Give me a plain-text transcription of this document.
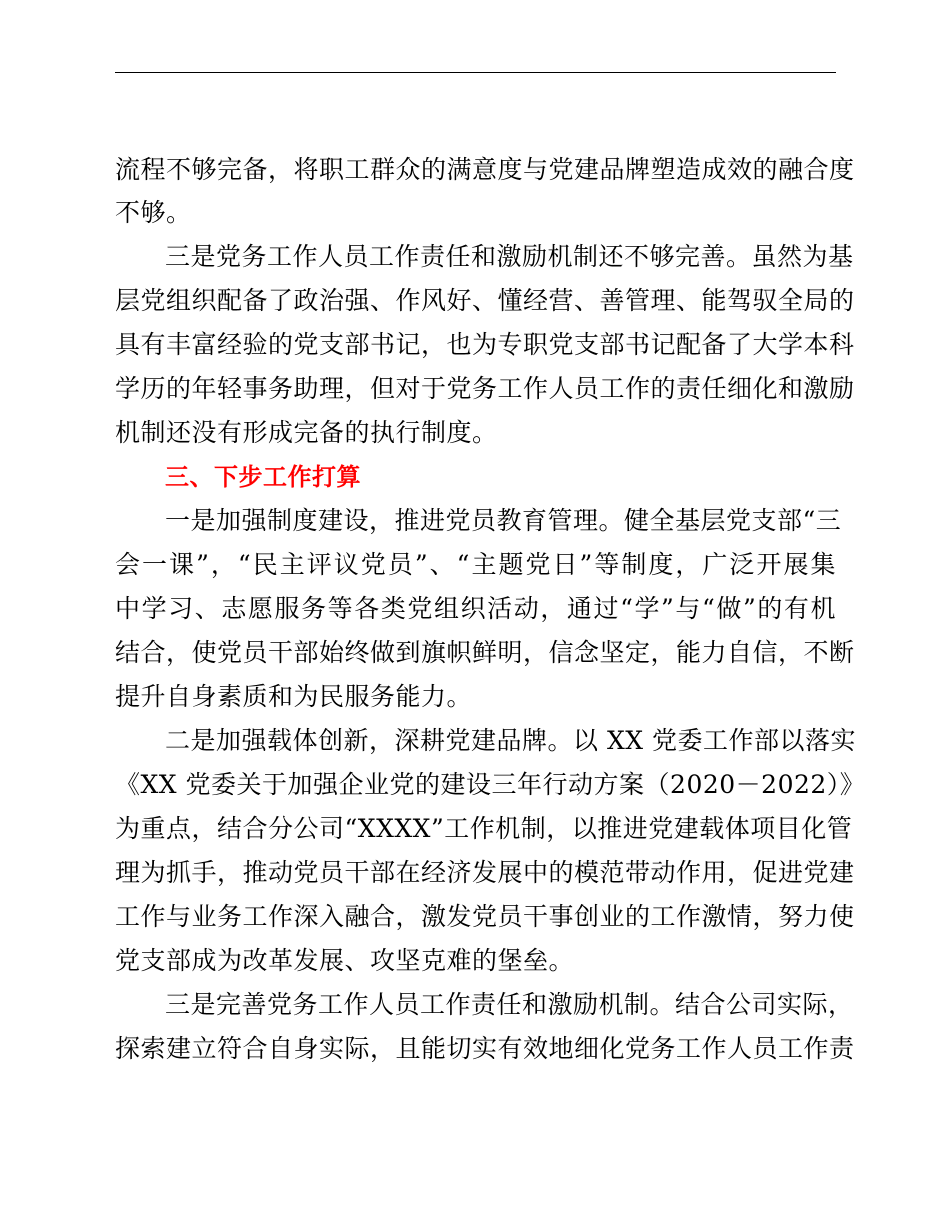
流程不够完备，将职工群众的满意度与党建品牌塑造成效的融合度
不够。
三是党务工作人员工作责任和激励机制还不够完善。虽然为基
层党组织配备了政治强、作风好、懂经营、善管理、能驾驭全局的
具有丰富经验的党支部书记，也为专职党支部书记配备了大学本科
学历的年轻事务助理，但对于党务工作人员工作的责任细化和激励
机制还没有形成完备的执行制度。
三、下步工作打算
一是加强制度建设，推进党员教育管理。健全基层党支部“三
会一课”，“民主评议党员”、“主题党日”等制度，广泛开展集
中学习、志愿服务等各类党组织活动，通过“学”与“做”的有机
结合，使党员干部始终做到旗帜鲜明，信念坚定，能力自信，不断
提升自身素质和为民服务能力。
二是加强载体创新，深耕党建品牌。以 XX 党委工作部以落实
《XX 党委关于加强企业党的建设三年行动方案（2020－2022）》
为重点，结合分公司“XXXX”工作机制，以推进党建载体项目化管
理为抓手，推动党员干部在经济发展中的模范带动作用，促进党建
工作与业务工作深入融合，激发党员干事创业的工作激情，努力使
党支部成为改革发展、攻坚克难的堡垒。
三是完善党务工作人员工作责任和激励机制。结合公司实际，
探索建立符合自身实际，且能切实有效地细化党务工作人员工作责
